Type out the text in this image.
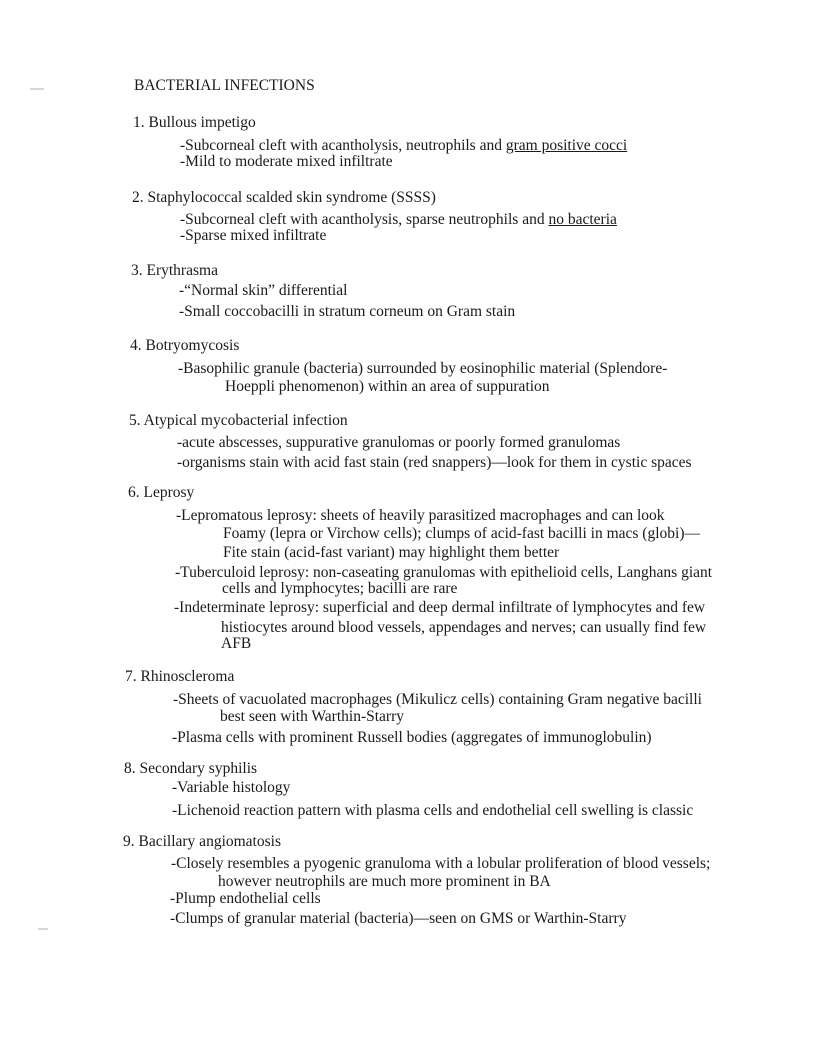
BACTERIAL INFECTIONS
1. Bullous impetigo
-Subcorneal cleft with acantholysis, neutrophils and gram positive cocci
-Mild to moderate mixed infiltrate
2. Staphylococcal scalded skin syndrome (SSSS)
-Subcorneal cleft with acantholysis, sparse neutrophils and no bacteria
-Sparse mixed infiltrate
3. Erythrasma
-“Normal skin” differential
-Small coccobacilli in stratum corneum on Gram stain
4. Botryomycosis
-Basophilic granule (bacteria) surrounded by eosinophilic material (Splendore-
Hoeppli phenomenon) within an area of suppuration
5. Atypical mycobacterial infection
-acute abscesses, suppurative granulomas or poorly formed granulomas
-organisms stain with acid fast stain (red snappers)—look for them in cystic spaces
6. Leprosy
-Lepromatous leprosy: sheets of heavily parasitized macrophages and can look
Foamy (lepra or Virchow cells); clumps of acid-fast bacilli in macs (globi)—
Fite stain (acid-fast variant) may highlight them better
-Tuberculoid leprosy: non-caseating granulomas with epithelioid cells, Langhans giant
cells and lymphocytes; bacilli are rare
-Indeterminate leprosy: superficial and deep dermal infiltrate of lymphocytes and few
histiocytes around blood vessels, appendages and nerves; can usually find few
AFB
7. Rhinoscleroma
-Sheets of vacuolated macrophages (Mikulicz cells) containing Gram negative bacilli
best seen with Warthin-Starry
-Plasma cells with prominent Russell bodies (aggregates of immunoglobulin)
8. Secondary syphilis
-Variable histology
-Lichenoid reaction pattern with plasma cells and endothelial cell swelling is classic
9. Bacillary angiomatosis
-Closely resembles a pyogenic granuloma with a lobular proliferation of blood vessels;
however neutrophils are much more prominent in BA
-Plump endothelial cells
-Clumps of granular material (bacteria)—seen on GMS or Warthin-Starry
